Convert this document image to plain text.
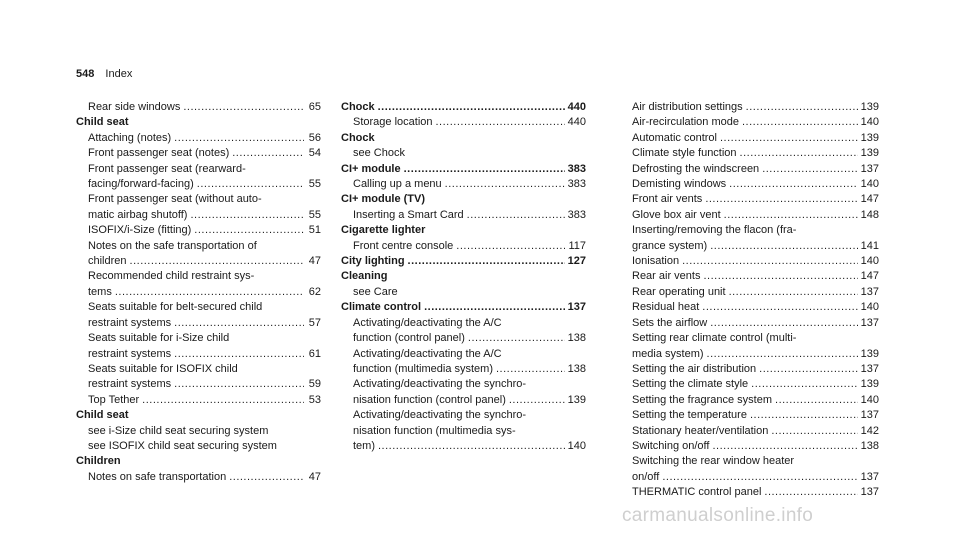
548 Index
Rear side windows .....	65
Child seat
Attaching (notes) .....	56
Front passenger seat (notes) .....	54
Front passenger seat (rearward-
facing/forward-facing) .....	55
Front passenger seat (without auto-
matic airbag shutoff) .....	55
ISOFIX/i-Size (fitting) .....	51
Notes on the safe transportation of
children .....	47
Recommended child restraint sys-
tems .....	62
Seats suitable for belt-secured child
restraint systems .....	57
Seats suitable for i-Size child
restraint systems .....	61
Seats suitable for ISOFIX child
restraint systems .....	59
Top Tether .....	53
Child seat
see i-Size child seat securing system
see ISOFIX child seat securing system
Children
Notes on safe transportation .....	47
Chock .....	440
Storage location .....	440
Chock
see Chock
CI+ module .....	383
Calling up a menu .....	383
CI+ module (TV)
Inserting a Smart Card .....	383
Cigarette lighter
Front centre console .....	117
City lighting .....	127
Cleaning
see Care
Climate control .....	137
Activating/deactivating the A/C
function (control panel) .....	138
Activating/deactivating the A/C
function (multimedia system) .....	138
Activating/deactivating the synchro-
nisation function (control panel) .....	139
Activating/deactivating the synchro-
nisation function (multimedia sys-
tem) .....	140
Air distribution settings .....	139
Air-recirculation mode .....	140
Automatic control .....	139
Climate style function .....	139
Defrosting the windscreen .....	137
Demisting windows .....	140
Front air vents .....	147
Glove box air vent .....	148
Inserting/removing the flacon (fra-
grance system) .....	141
Ionisation .....	140
Rear air vents .....	147
Rear operating unit .....	137
Residual heat .....	140
Sets the airflow .....	137
Setting rear climate control (multi-
media system) .....	139
Setting the air distribution .....	137
Setting the climate style .....	139
Setting the fragrance system .....	140
Setting the temperature .....	137
Stationary heater/ventilation .....	142
Switching on/off .....	138
Switching the rear window heater
on/off .....	137
THERMATIC control panel .....	137
carmanualsonline.info
